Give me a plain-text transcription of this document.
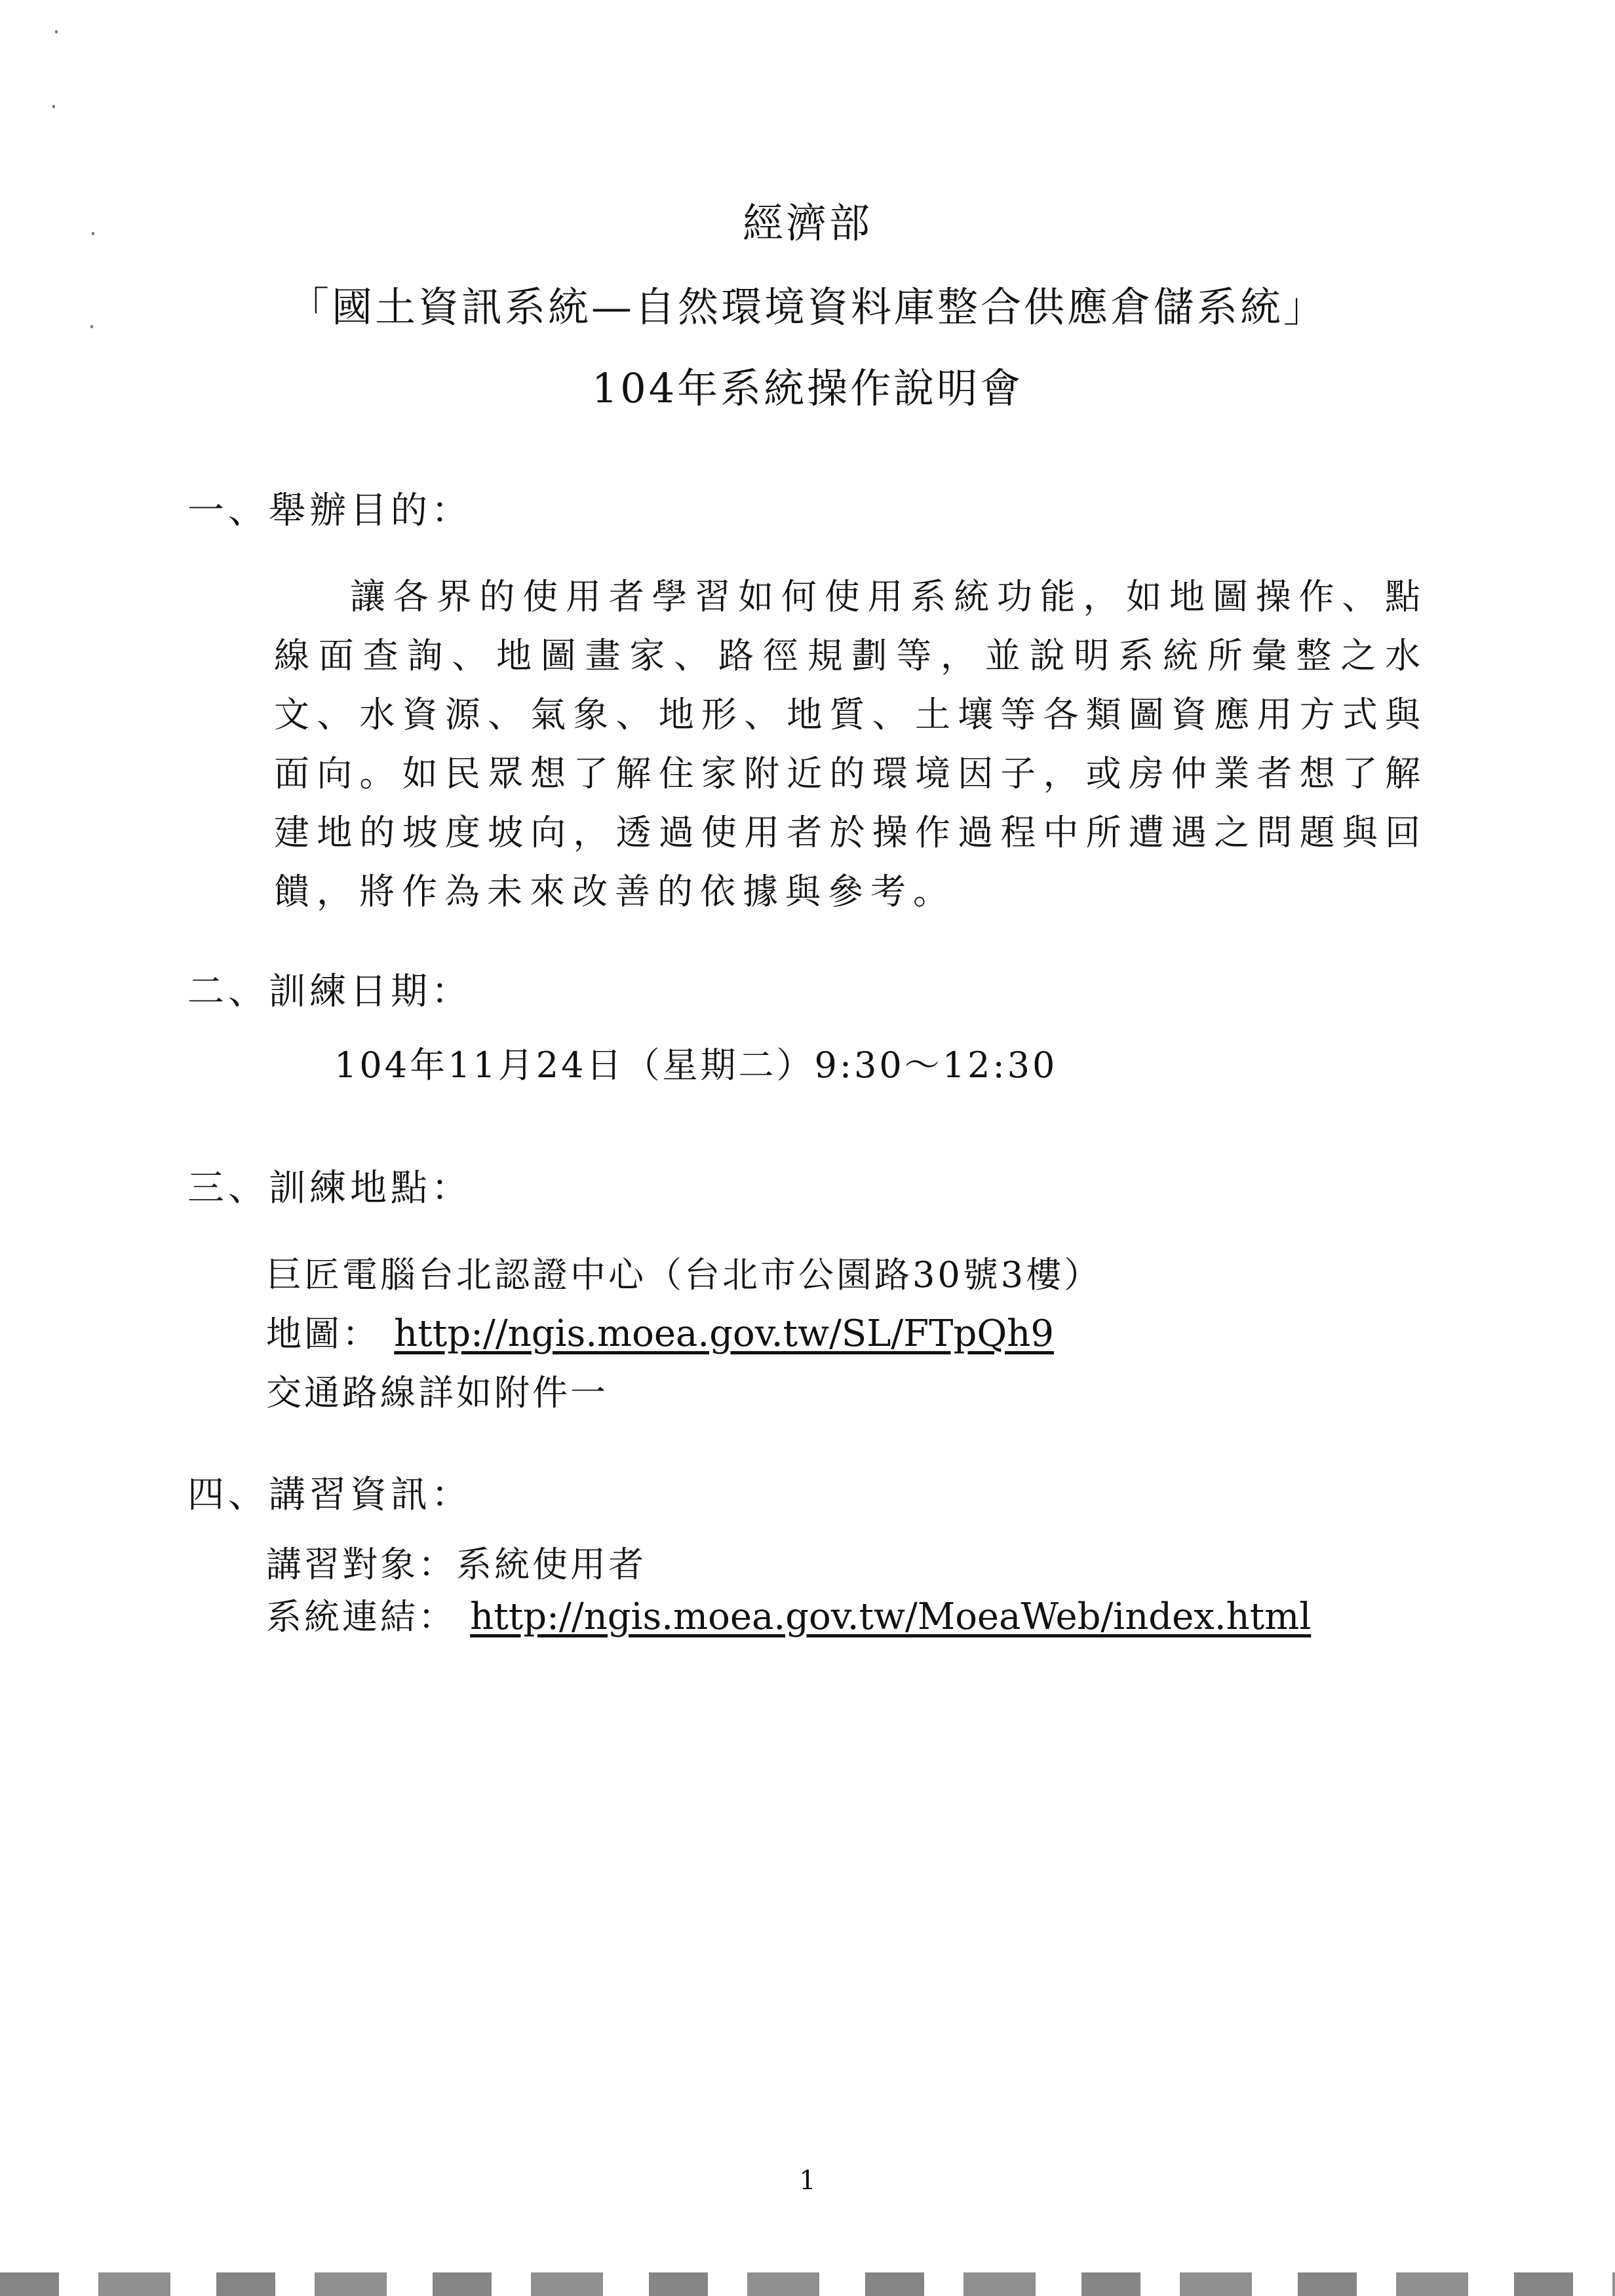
經濟部
「國土資訊系統—自然環境資料庫整合供應倉儲系統」
104年系統操作說明會
一、舉辦目的：
讓各界的使用者學習如何使用系統功能，如地圖操作、點線面查詢、地圖畫家、路徑規劃等，並說明系統所彙整之水文、水資源、氣象、地形、地質、土壤等各類圖資應用方式與面向。如民眾想了解住家附近的環境因子，或房仲業者想了解建地的坡度坡向，透過使用者於操作過程中所遭遇之問題與回饋，將作為未來改善的依據與參考。
二、訓練日期：
104年11月24日（星期二）9:30～12:30
三、訓練地點：
巨匠電腦台北認證中心（台北市公園路30號3樓）
地圖： http://ngis.moea.gov.tw/SL/FTpQh9
交通路線詳如附件一
四、講習資訊：
講習對象：系統使用者
系統連結： http://ngis.moea.gov.tw/MoeaWeb/index.html
1
